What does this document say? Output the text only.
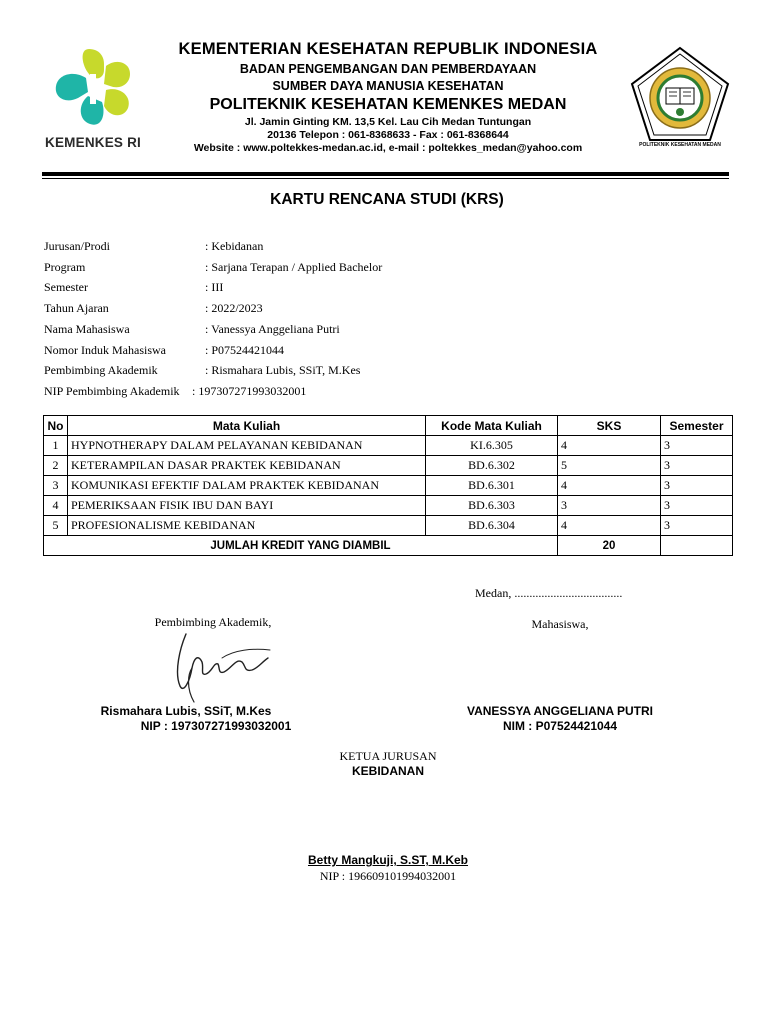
KEMENKES RI
KEMENTERIAN KESEHATAN REPUBLIK INDONESIA
BADAN PENGEMBANGAN DAN PEMBERDAYAAN
SUMBER DAYA MANUSIA KESEHATAN
POLITEKNIK KESEHATAN KEMENKES MEDAN
Jl. Jamin Ginting KM. 13,5 Kel. Lau Cih Medan Tuntungan
20136 Telepon : 061-8368633 - Fax : 061-8368644
Website : www.poltekkes-medan.ac.id, e-mail : poltekkes_medan@yahoo.com	POLITEKNIK KESEHATAN MEDAN
KARTU RENCANA STUDI (KRS)
Jurusan/Prodi	: Kebidanan
Program	: Sarjana Terapan / Applied Bachelor
Semester	: III
Tahun Ajaran	: 2022/2023
Nama Mahasiswa	: Vanessya Anggeliana Putri
Nomor Induk Mahasiswa	: P07524421044
Pembimbing Akademik	: Rismahara Lubis, SSiT, M.Kes
NIP Pembimbing Akademik : 197307271993032001
No	Mata Kuliah	Kode Mata Kuliah	SKS	Semester
1	HYPNOTHERAPY DALAM PELAYANAN KEBIDANAN	KI.6.305	4	3
2	KETERAMPILAN DASAR PRAKTEK KEBIDANAN	BD.6.302	5	3
3	KOMUNIKASI EFEKTIF DALAM PRAKTEK KEBIDANAN	BD.6.301	4	3
4	PEMERIKSAAN FISIK IBU DAN BAYI	BD.6.303	3	3
5	PROFESIONALISME KEBIDANAN	BD.6.304	4	3
JUMLAH KREDIT YANG DIAMBIL			20	
Medan, ....................................
Pembimbing Akademik,	Mahasiswa,
Rismahara Lubis, SSiT, M.Kes
NIP : 197307271993032001
VANESSYA ANGGELIANA PUTRI
NIM : P07524421044
KETUA JURUSAN
KEBIDANAN
Betty Mangkuji, S.ST, M.Keb
NIP : 196609101994032001
